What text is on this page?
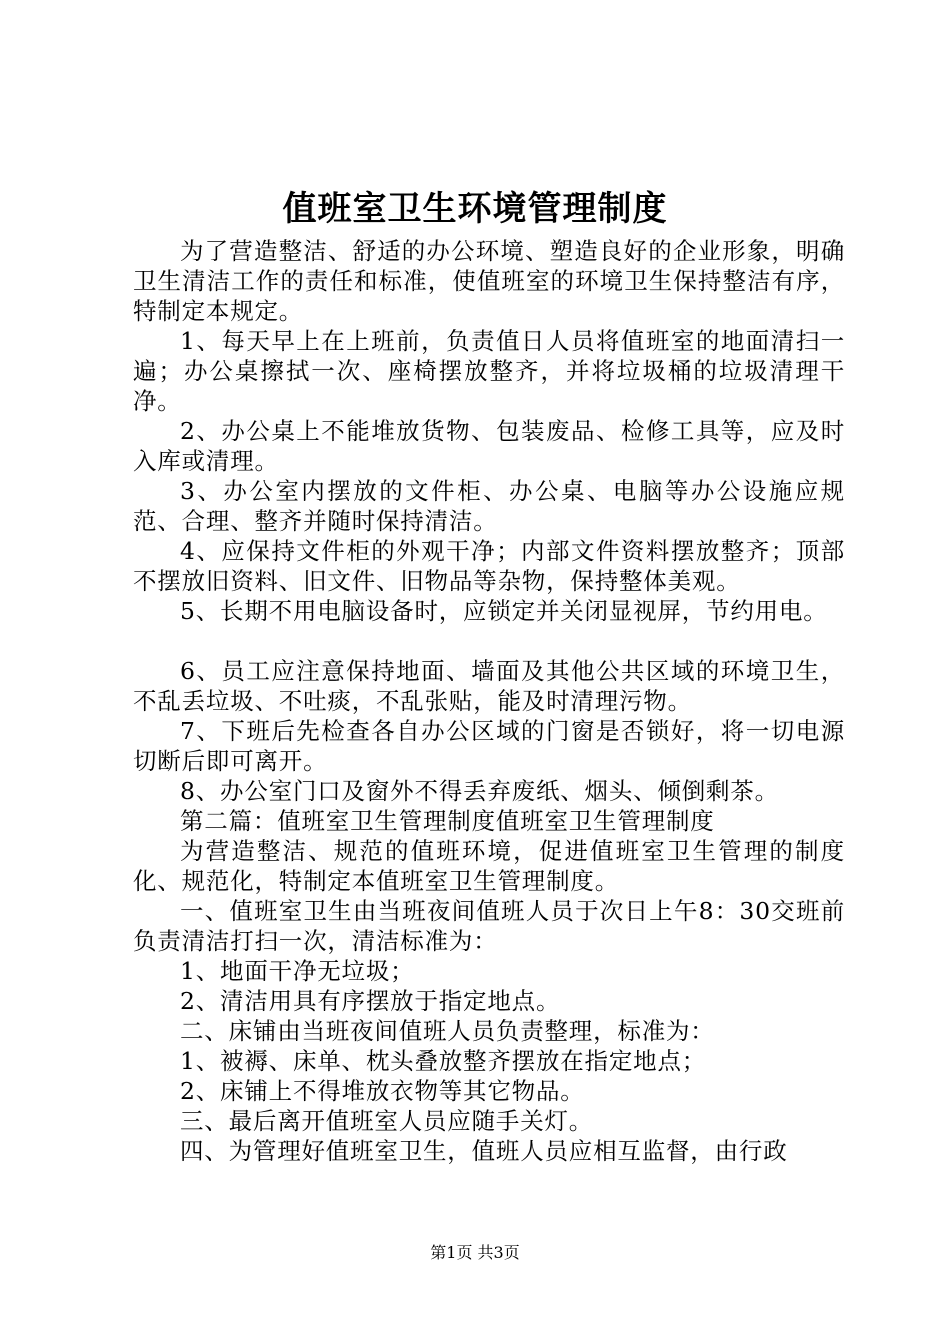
值班室卫生环境管理制度

为了营造整洁、舒适的办公环境、塑造良好的企业形象，明确卫生清洁工作的责任和标准，使值班室的环境卫生保持整洁有序，特制定本规定。

1、每天早上在上班前，负责值日人员将值班室的地面清扫一遍；办公桌擦拭一次、座椅摆放整齐，并将垃圾桶的垃圾清理干净。

2、办公桌上不能堆放货物、包装废品、检修工具等，应及时入库或清理。

3、办公室内摆放的文件柜、办公桌、电脑等办公设施应规范、合理、整齐并随时保持清洁。

4、应保持文件柜的外观干净；内部文件资料摆放整齐；顶部不摆放旧资料、旧文件、旧物品等杂物，保持整体美观。

5、长期不用电脑设备时，应锁定并关闭显视屏，节约用电。

6、员工应注意保持地面、墙面及其他公共区域的环境卫生，不乱丢垃圾、不吐痰，不乱张贴，能及时清理污物。

7、下班后先检查各自办公区域的门窗是否锁好，将一切电源切断后即可离开。

8、办公室门口及窗外不得丢弃废纸、烟头、倾倒剩茶。

第二篇：值班室卫生管理制度值班室卫生管理制度

为营造整洁、规范的值班环境，促进值班室卫生管理的制度化、规范化，特制定本值班室卫生管理制度。

一、值班室卫生由当班夜间值班人员于次日上午8：30交班前负责清洁打扫一次，清洁标准为：

1、地面干净无垃圾；

2、清洁用具有序摆放于指定地点。

二、床铺由当班夜间值班人员负责整理，标准为：

1、被褥、床单、枕头叠放整齐摆放在指定地点；

2、床铺上不得堆放衣物等其它物品。

三、最后离开值班室人员应随手关灯。

四、为管理好值班室卫生，值班人员应相互监督，由行政

第1页 共3页
